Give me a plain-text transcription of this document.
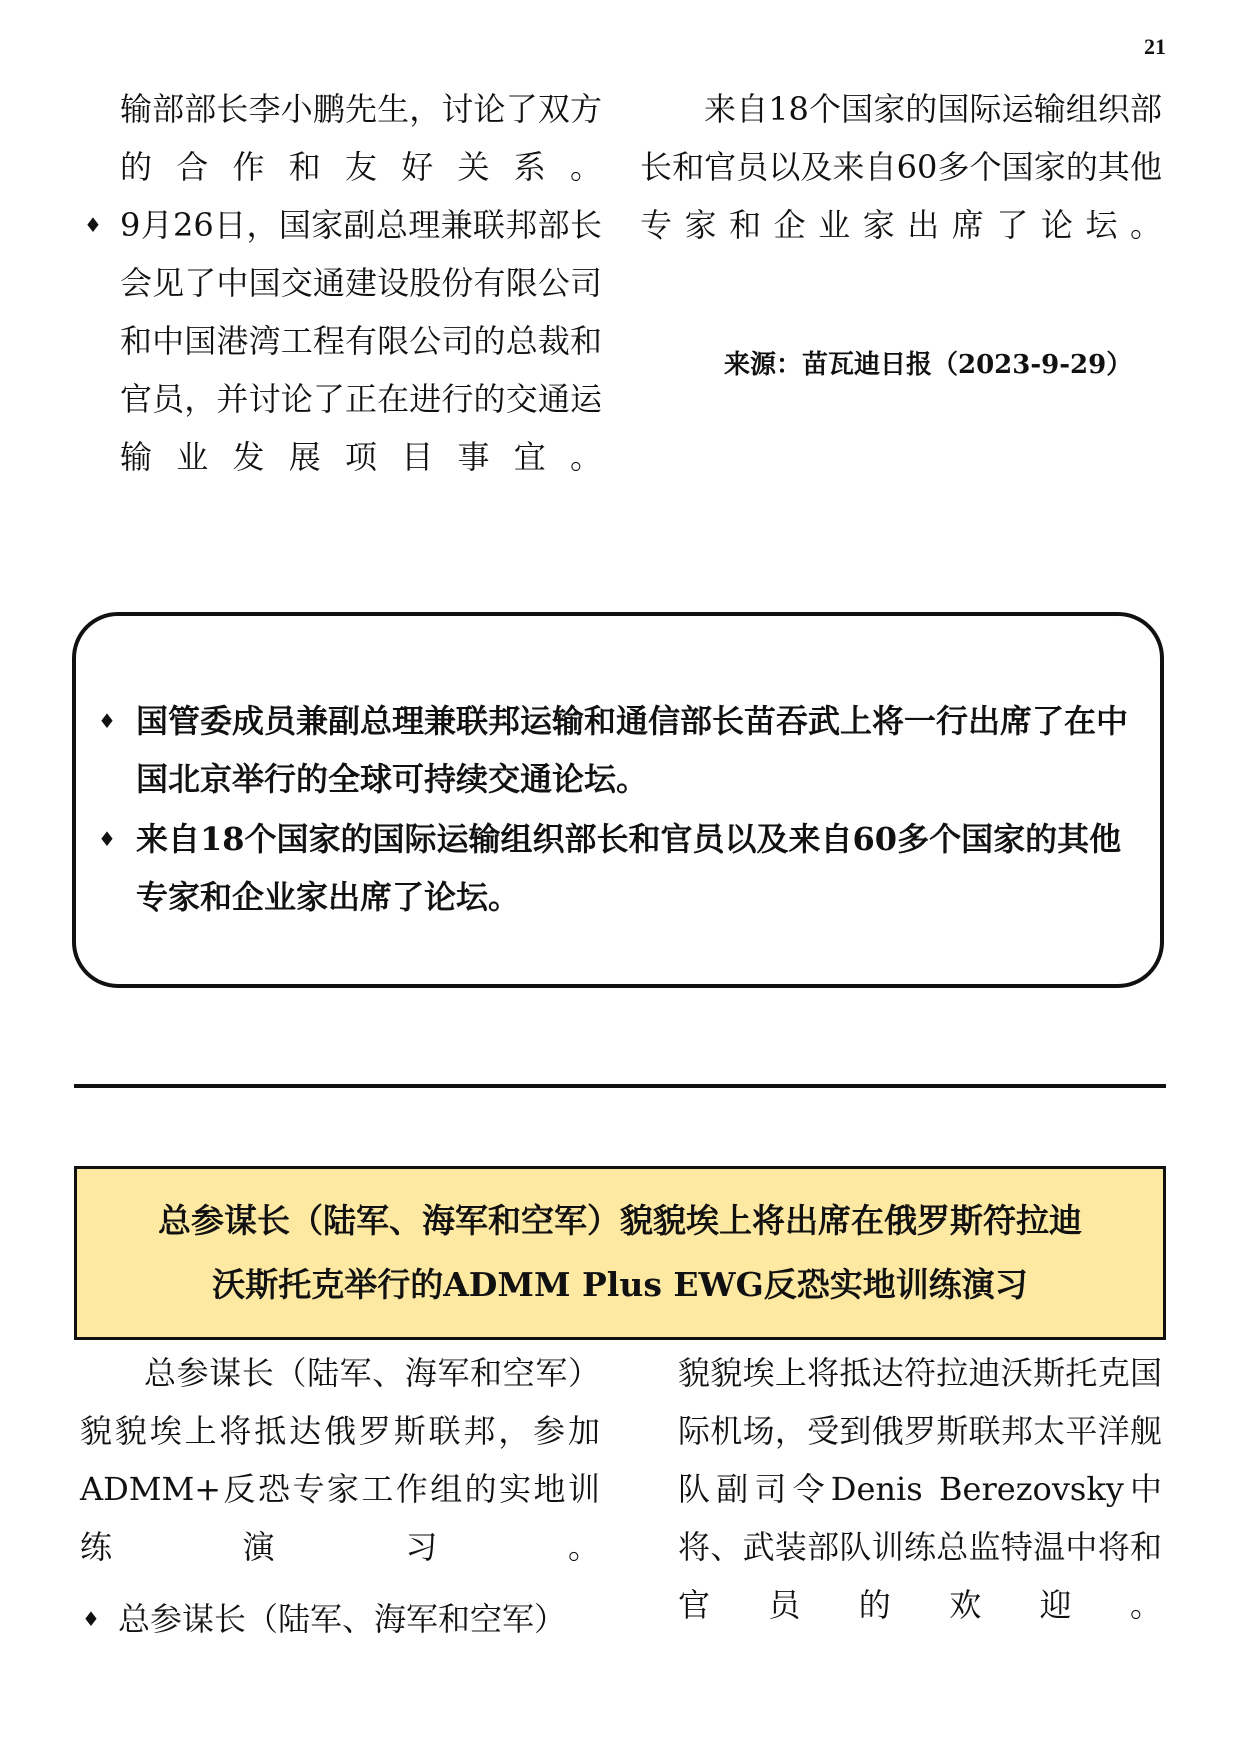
21

输部部长李小鹏先生，讨论了双方的合作和友好关系。

♦ 9月26日，国家副总理兼联邦部长会见了中国交通建设股份有限公司和中国港湾工程有限公司的总裁和官员，并讨论了正在进行的交通运输业发展项目事宜。

来自18个国家的国际运输组织部长和官员以及来自60多个国家的其他专家和企业家出席了论坛。

来源：苗瓦迪日报（2023-9-29）
♦ 国管委成员兼副总理兼联邦运输和通信部长苗吞武上将一行出席了在中国北京举行的全球可持续交通论坛。
♦ 来自18个国家的国际运输组织部长和官员以及来自60多个国家的其他专家和企业家出席了论坛。
总参谋长（陆军、海军和空军）貌貌埃上将出席在俄罗斯符拉迪
沃斯托克举行的ADMM Plus EWG反恐实地训练演习

总参谋长（陆军、海军和空军）貌貌埃上将抵达俄罗斯联邦，参加ADMM+反恐专家工作组的实地训练演习。

♦ 总参谋长（陆军、海军和空军）

貌貌埃上将抵达符拉迪沃斯托克国际机场，受到俄罗斯联邦太平洋舰队副司令Denis Berezovsky中将、武装部队训练总监特温中将和官员的欢迎。
